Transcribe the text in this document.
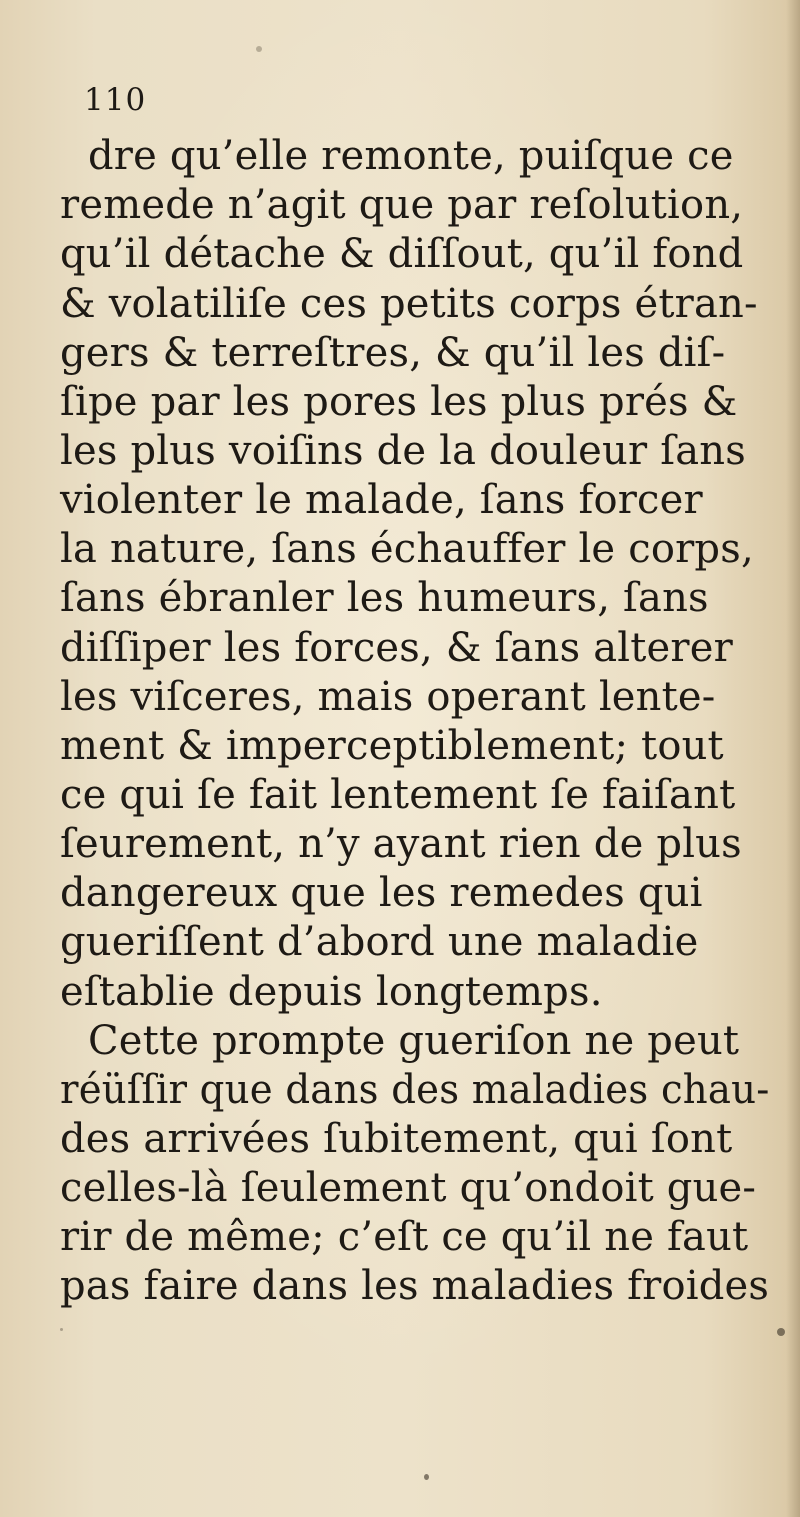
110
dre qu’elle remonte, puiſque ce
remede n’agit que par reſolution,
qu’il détache & diſſout, qu’il fond
& volatiliſe ces petits corps étran-
gers & terreſtres, & qu’il les diſ-
ſipe par les pores les plus prés &
les plus voiſins de la douleur ſans
violenter le malade, ſans forcer
la nature, ſans échauffer le corps,
ſans ébranler les humeurs, ſans
diſſiper les forces, & ſans alterer
les viſceres, mais operant lente-
ment & imperceptiblement; tout
ce qui ſe fait lentement ſe faiſant
ſeurement, n’y ayant rien de plus
dangereux que les remedes qui
gueriſſent d’abord une maladie
eſtablie depuis longtemps.
Cette prompte gueriſon ne peut
réüſſir que dans des maladies chau-
des arrivées ſubitement, qui ſont
celles-là ſeulement qu’ondoit gue-
rir de même; c’eſt ce qu’il ne faut
pas faire dans les maladies froides
